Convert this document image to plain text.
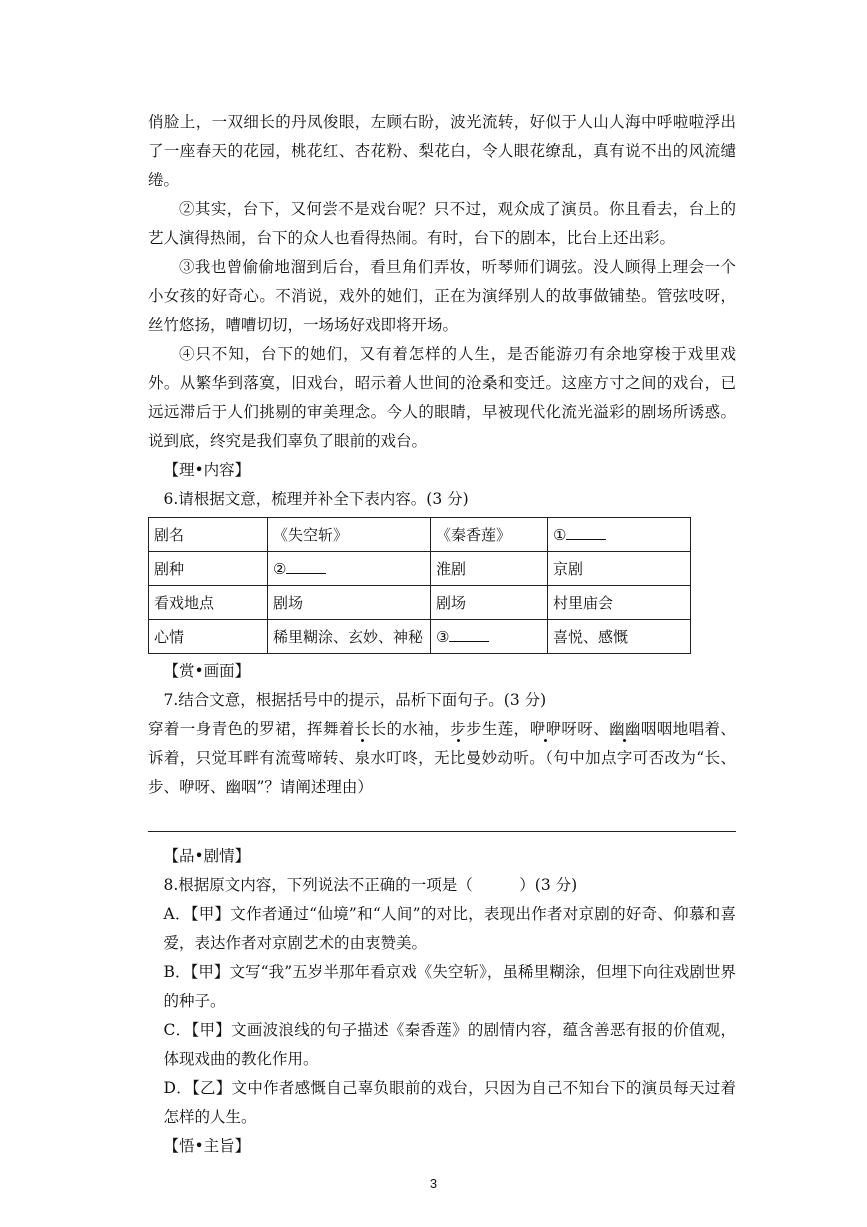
俏脸上，一双细长的丹凤俊眼，左顾右盼，波光流转，好似于人山人海中呼啦啦浮出了一座春天的花园，桃花红、杏花粉、梨花白，令人眼花缭乱，真有说不出的风流缱绻。

②其实，台下，又何尝不是戏台呢？只不过，观众成了演员。你且看去，台上的艺人演得热闹，台下的众人也看得热闹。有时，台下的剧本，比台上还出彩。

③我也曾偷偷地溜到后台，看旦角们弄妆，听琴师们调弦。没人顾得上理会一个小女孩的好奇心。不消说，戏外的她们，正在为演绎别人的故事做铺垫。管弦吱呀，丝竹悠扬，嘈嘈切切，一场场好戏即将开场。

④只不知，台下的她们，又有着怎样的人生，是否能游刃有余地穿梭于戏里戏外。从繁华到落寞，旧戏台，昭示着人世间的沧桑和变迁。这座方寸之间的戏台，已远远滞后于人们挑剔的审美理念。今人的眼睛，早被现代化流光溢彩的剧场所诱惑。说到底，终究是我们辜负了眼前的戏台。

【理•内容】

6.请根据文意，梳理并补全下表内容。(3 分)

剧名	《失空斩》	《秦香莲》	①
剧种	②	淮剧	京剧
看戏地点	剧场	剧场	村里庙会
心情	稀里糊涂、玄妙、神秘	③	喜悦、感慨

【赏•画面】

7.结合文意，根据括号中的提示，品析下面句子。(3 分)

穿着一身青色的罗裙，挥舞着长长的水袖，步步生莲，咿咿呀呀、幽幽咽咽地唱着、诉着，只觉耳畔有流莺啼转、泉水叮咚，无比曼妙动听。（句中加点字可否改为“长、步、咿呀、幽咽”？请阐述理由）

【品•剧情】

8.根据原文内容，下列说法不正确的一项是（　　　）(3 分)

A．【甲】文作者通过“仙境”和“人间”的对比，表现出作者对京剧的好奇、仰慕和喜爱，表达作者对京剧艺术的由衷赞美。

B．【甲】文写“我”五岁半那年看京戏《失空斩》，虽稀里糊涂，但埋下向往戏剧世界的种子。

C．【甲】文画波浪线的句子描述《秦香莲》的剧情内容，蕴含善恶有报的价值观，体现戏曲的教化作用。

D．【乙】文中作者感慨自己辜负眼前的戏台，只因为自己不知台下的演员每天过着怎样的人生。

【悟•主旨】

3
